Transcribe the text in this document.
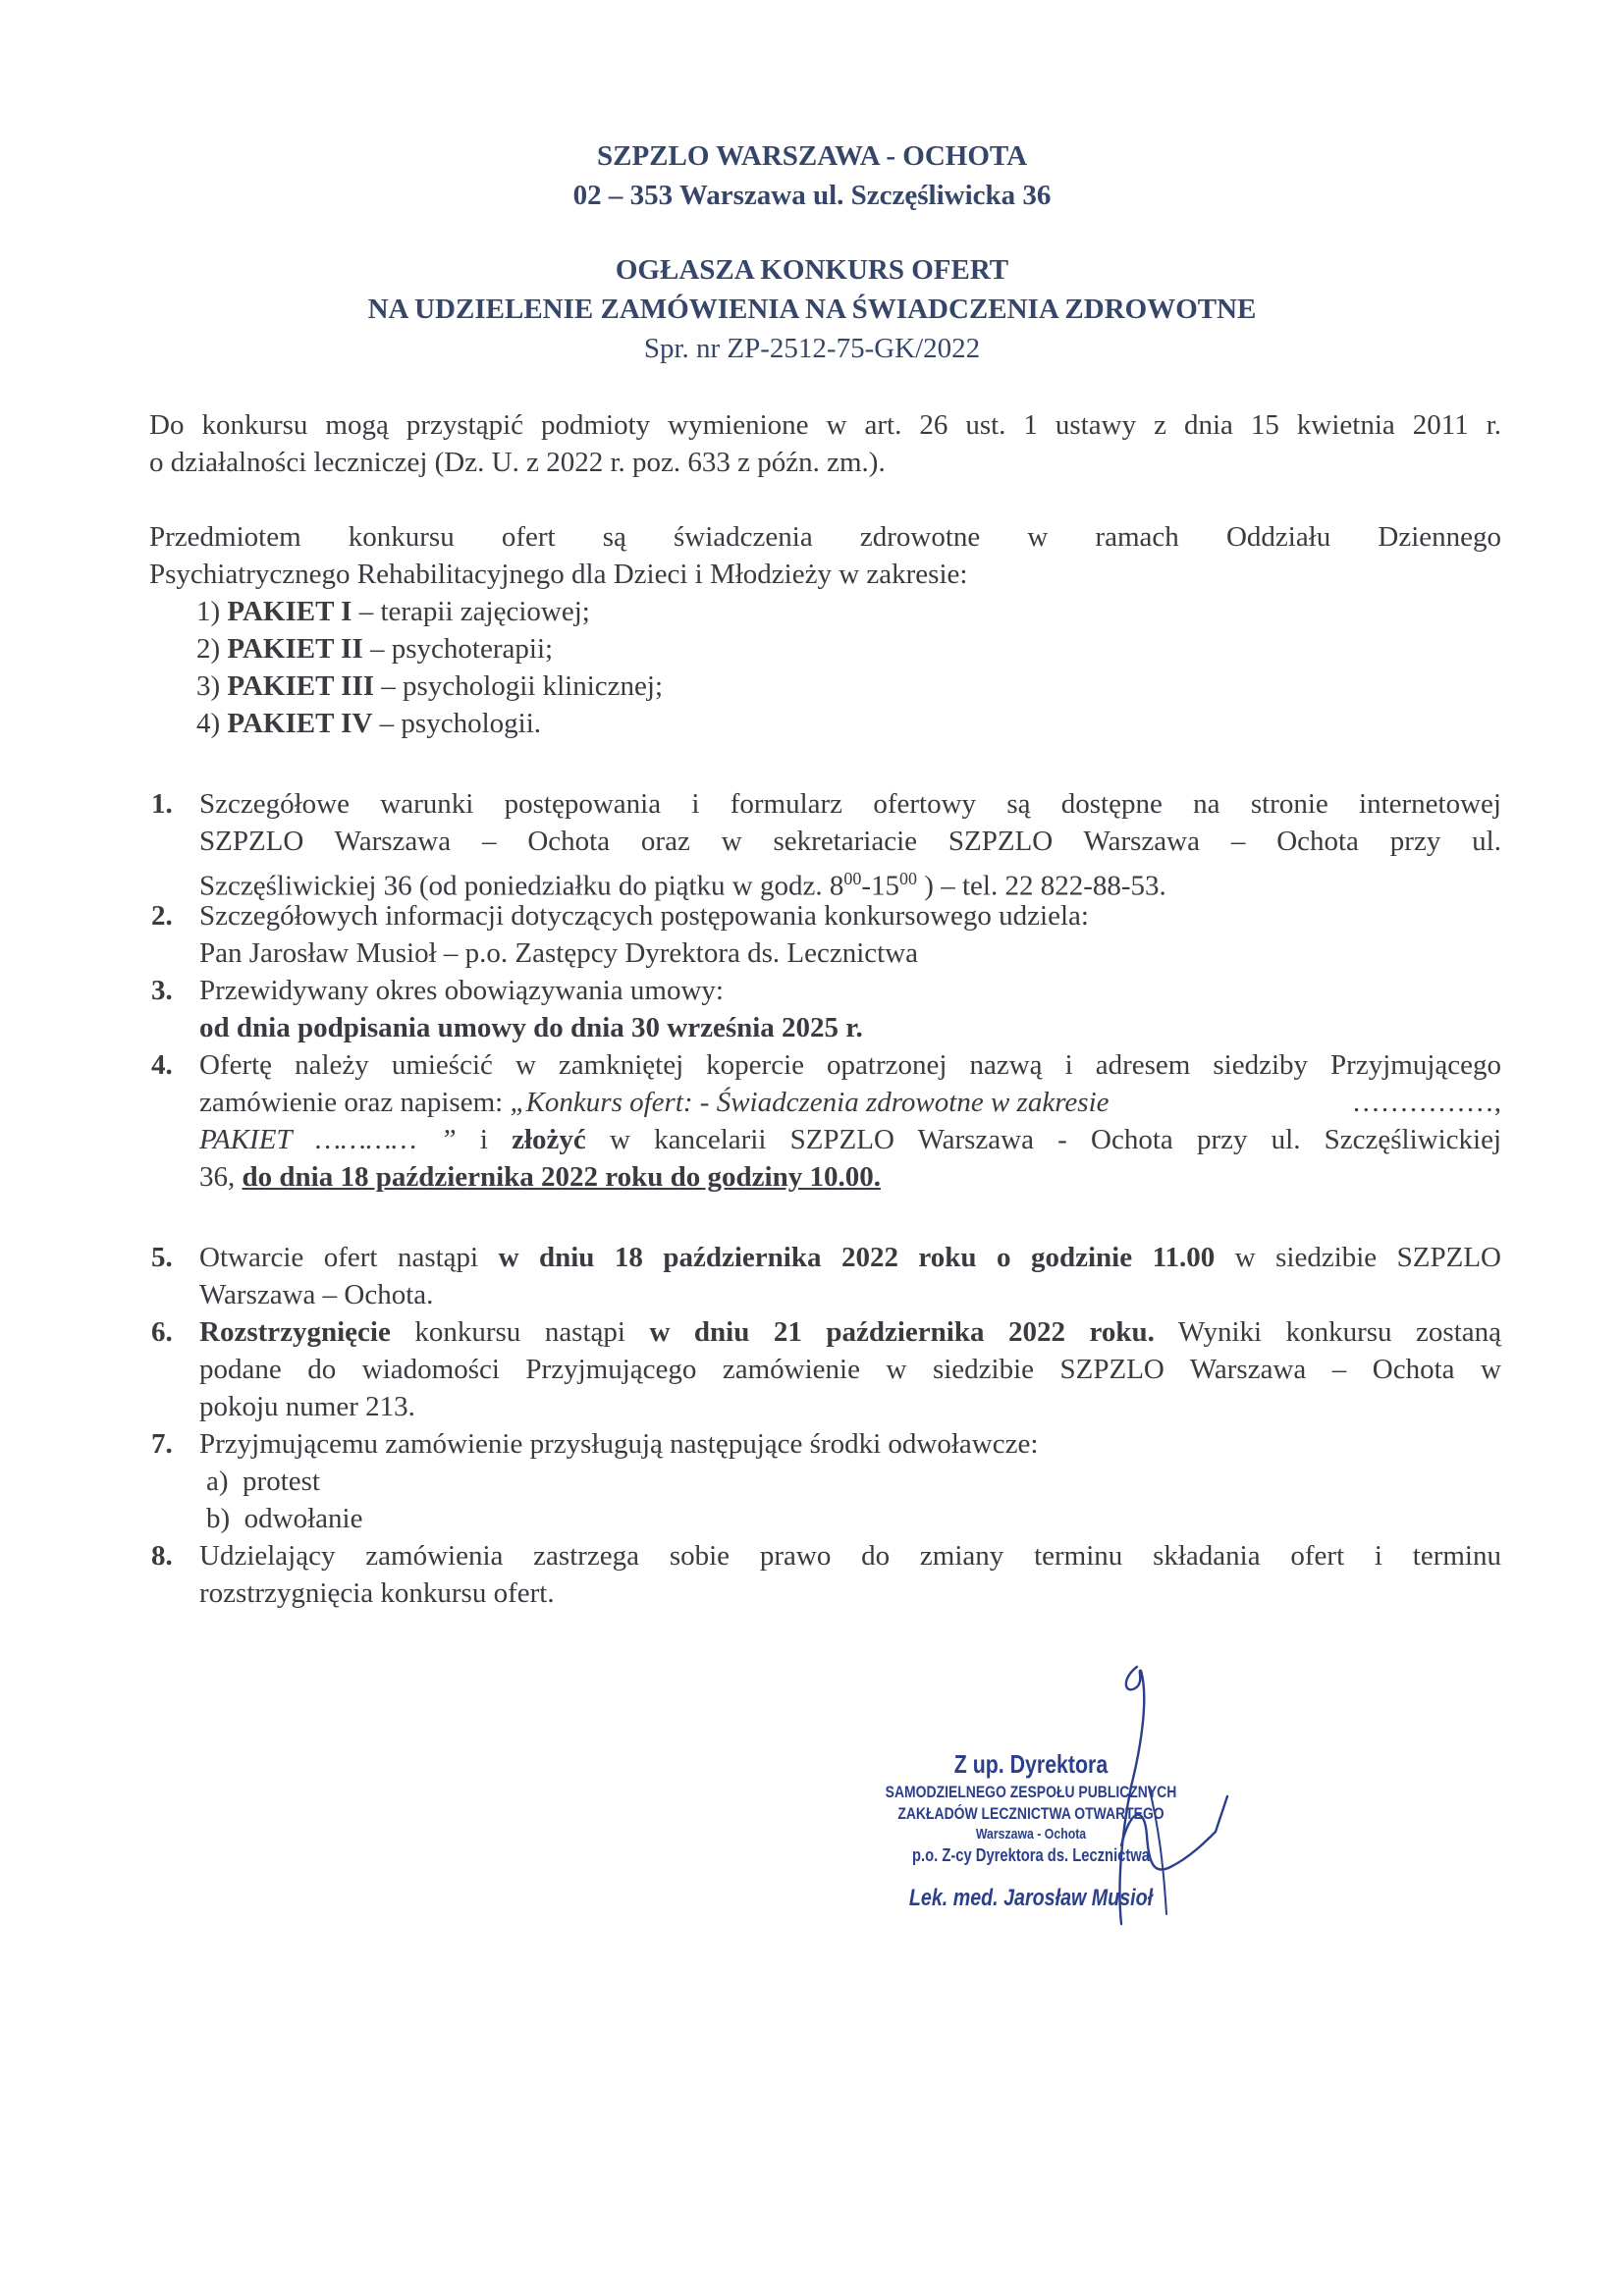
SZPZLO WARSZAWA - OCHOTA
02 – 353 Warszawa ul. Szczęśliwicka 36
OGŁASZA KONKURS OFERT
NA UDZIELENIE ZAMÓWIENIA NA ŚWIADCZENIA ZDROWOTNE
Spr. nr ZP-2512-75-GK/2022
Do konkursu mogą przystąpić podmioty wymienione w art. 26 ust. 1 ustawy z dnia 15 kwietnia 2011 r.
o działalności leczniczej (Dz. U. z 2022 r. poz. 633 z późn. zm.).
Przedmiotem konkursu ofert są świadczenia zdrowotne w ramach Oddziału Dziennego
Psychiatrycznego Rehabilitacyjnego dla Dzieci i Młodzieży w zakresie:
1) PAKIET I – terapii zajęciowej;
2) PAKIET II – psychoterapii;
3) PAKIET III – psychologii klinicznej;
4) PAKIET IV – psychologii.
1. Szczegółowe warunki postępowania i formularz ofertowy są dostępne na stronie internetowej
SZPZLO Warszawa – Ochota oraz w sekretariacie SZPZLO Warszawa – Ochota przy ul.
Szczęśliwickiej 36 (od poniedziałku do piątku w godz. $8^{00}-15^{00}$ ) – tel. 22 822-88-53.
2. Szczegółowych informacji dotyczących postępowania konkursowego udziela:
Pan Jarosław Musioł – p.o. Zastępcy Dyrektora ds. Lecznictwa
3. Przewidywany okres obowiązywania umowy:
od dnia podpisania umowy do dnia 30 września 2025 r.
4. Ofertę należy umieścić w zamkniętej kopercie opatrzonej nazwą i adresem siedziby Przyjmującego
zamówienie oraz napisem: „Konkurs ofert: - Świadczenia zdrowotne w zakresie	……………,
PAKIET ………… ” i złożyć w kancelarii SZPZLO Warszawa - Ochota przy ul. Szczęśliwickiej
36, do dnia 18 października 2022 roku do godziny 10.00.
5. Otwarcie ofert nastąpi w dniu 18 października 2022 roku o godzinie 11.00 w siedzibie SZPZLO
Warszawa – Ochota.
6. Rozstrzygnięcie konkursu nastąpi w dniu 21 października 2022 roku. Wyniki konkursu zostaną
podane do wiadomości Przyjmującego zamówienie w siedzibie SZPZLO Warszawa – Ochota w
pokoju numer 213.
7. Przyjmującemu zamówienie przysługują następujące środki odwoławcze:
a) protest
b) odwołanie
8. Udzielający zamówienia zastrzega sobie prawo do zmiany terminu składania ofert i terminu
rozstrzygnięcia konkursu ofert.
Z up. Dyrektora
SAMODZIELNEGO ZESPOŁU PUBLICZNYCH
ZAKŁADÓW LECZNICTWA OTWARTEGO
Warszawa - Ochota
p.o. Z-cy Dyrektora ds. Lecznictwa
Lek. med. Jarosław Musioł
